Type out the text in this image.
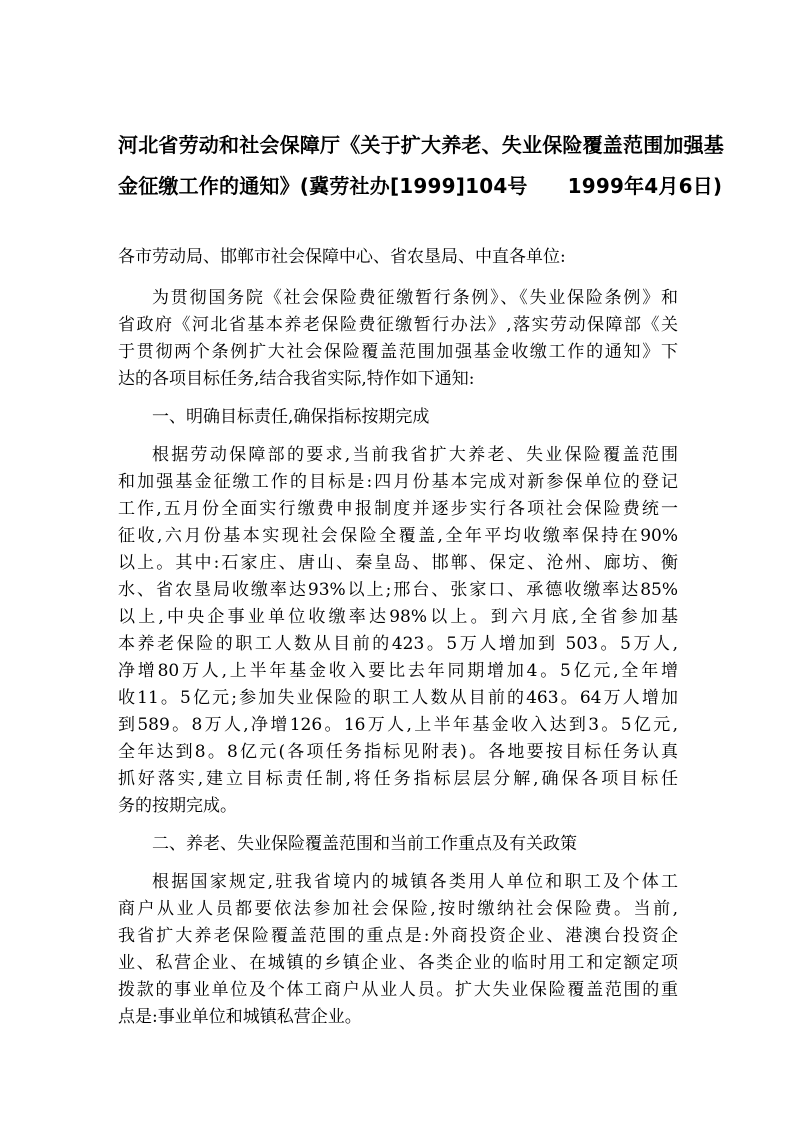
河北省劳动和社会保障厅《关于扩大养老、失业保险覆盖范围加强基
金征缴工作的通知》(冀劳社办[1999]104号 1999年4月6日)
各市劳动局、邯郸市社会保障中心、省农垦局、中直各单位:
为贯彻国务院《社会保险费征缴暂行条例》、《失业保险条例》和
省政府《河北省基本养老保险费征缴暂行办法》,落实劳动保障部《关
于贯彻两个条例扩大社会保险覆盖范围加强基金收缴工作的通知》下
达的各项目标任务,结合我省实际,特作如下通知:
一、明确目标责任,确保指标按期完成
根据劳动保障部的要求,当前我省扩大养老、失业保险覆盖范围
和加强基金征缴工作的目标是:四月份基本完成对新参保单位的登记
工作,五月份全面实行缴费申报制度并逐步实行各项社会保险费统一
征收,六月份基本实现社会保险全覆盖,全年平均收缴率保持在90%
以上。其中:石家庄、唐山、秦皇岛、邯郸、保定、沧州、廊坊、衡
水、省农垦局收缴率达93%以上;邢台、张家口、承德收缴率达85%
以上,中央企事业单位收缴率达98%以上。到六月底,全省参加基
本养老保险的职工人数从目前的423。5万人增加到 503。5万人,
净增80万人,上半年基金收入要比去年同期增加4。5亿元,全年增
收11。5亿元;参加失业保险的职工人数从目前的463。64万人增加
到589。8万人,净增126。16万人,上半年基金收入达到3。5亿元,
全年达到8。8亿元(各项任务指标见附表)。各地要按目标任务认真
抓好落实,建立目标责任制,将任务指标层层分解,确保各项目标任
务的按期完成。
二、养老、失业保险覆盖范围和当前工作重点及有关政策
根据国家规定,驻我省境内的城镇各类用人单位和职工及个体工
商户从业人员都要依法参加社会保险,按时缴纳社会保险费。当前,
我省扩大养老保险覆盖范围的重点是:外商投资企业、港澳台投资企
业、私营企业、在城镇的乡镇企业、各类企业的临时用工和定额定项
拨款的事业单位及个体工商户从业人员。扩大失业保险覆盖范围的重
点是:事业单位和城镇私营企业。
